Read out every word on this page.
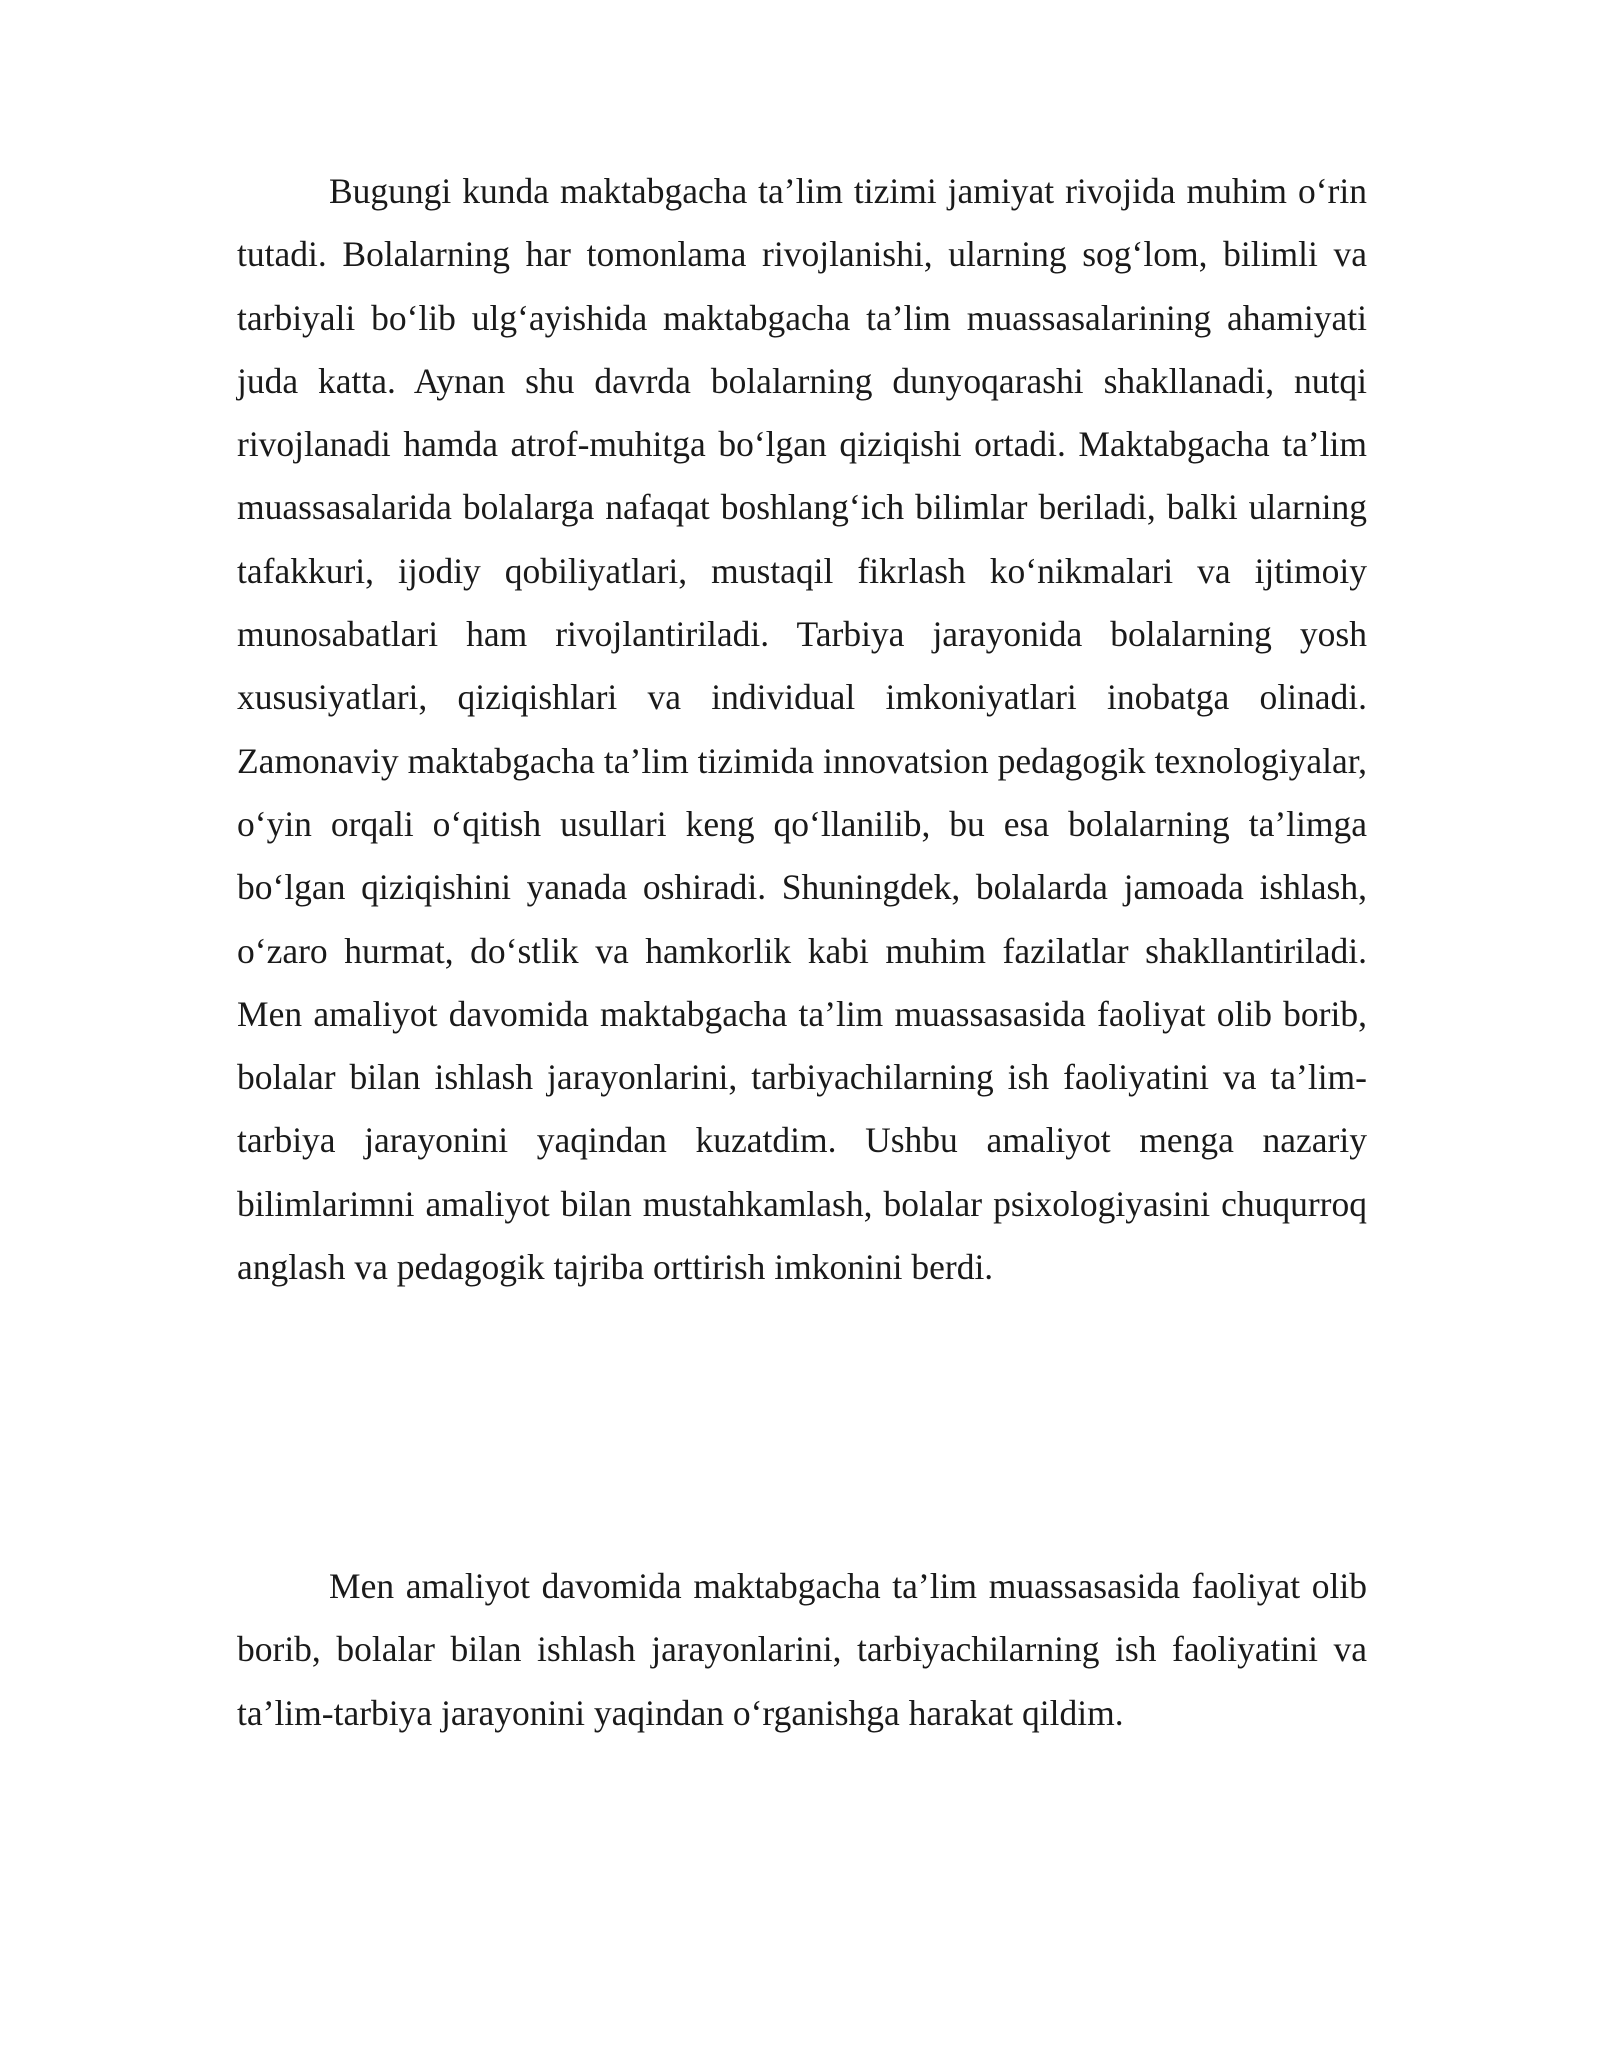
Bugungi kunda maktabgacha ta’lim tizimi jamiyat rivojida muhim o‘rin tutadi. Bolalarning har tomonlama rivojlanishi, ularning sog‘lom, bilimli va tarbiyali bo‘lib ulg‘ayishida maktabgacha ta’lim muassasalarining ahamiyati juda katta. Aynan shu davrda bolalarning dunyoqarashi shakllanadi, nutqi rivojlanadi hamda atrof-muhitga bo‘lgan qiziqishi ortadi. Maktabgacha ta’lim muassasalarida bolalarga nafaqat boshlang‘ich bilimlar beriladi, balki ularning tafakkuri, ijodiy qobiliyatlari, mustaqil fikrlash ko‘nikmalari va ijtimoiy munosabatlari ham rivojlantiriladi. Tarbiya jarayonida bolalarning yosh xususiyatlari, qiziqishlari va individual imkoniyatlari inobatga olinadi. Zamonaviy maktabgacha ta’lim tizimida innovatsion pedagogik texnologiyalar, o‘yin orqali o‘qitish usullari keng qo‘llanilib, bu esa bolalarning ta’limga bo‘lgan qiziqishini yanada oshiradi. Shuningdek, bolalarda jamoada ishlash, o‘zaro hurmat, do‘stlik va hamkorlik kabi muhim fazilatlar shakllantiriladi. Men amaliyot davomida maktabgacha ta’lim muassasasida faoliyat olib borib, bolalar bilan ishlash jarayonlarini, tarbiyachilarning ish faoliyatini va ta’lim-tarbiya jarayonini yaqindan kuzatdim. Ushbu amaliyot menga nazariy bilimlarimni amaliyot bilan mustahkamlash, bolalar psixologiyasini chuqurroq anglash va pedagogik tajriba orttirish imkonini berdi.

Men amaliyot davomida maktabgacha ta’lim muassasasida faoliyat olib borib, bolalar bilan ishlash jarayonlarini, tarbiyachilarning ish faoliyatini va ta’lim-tarbiya jarayonini yaqindan o‘rganishga harakat qildim.
